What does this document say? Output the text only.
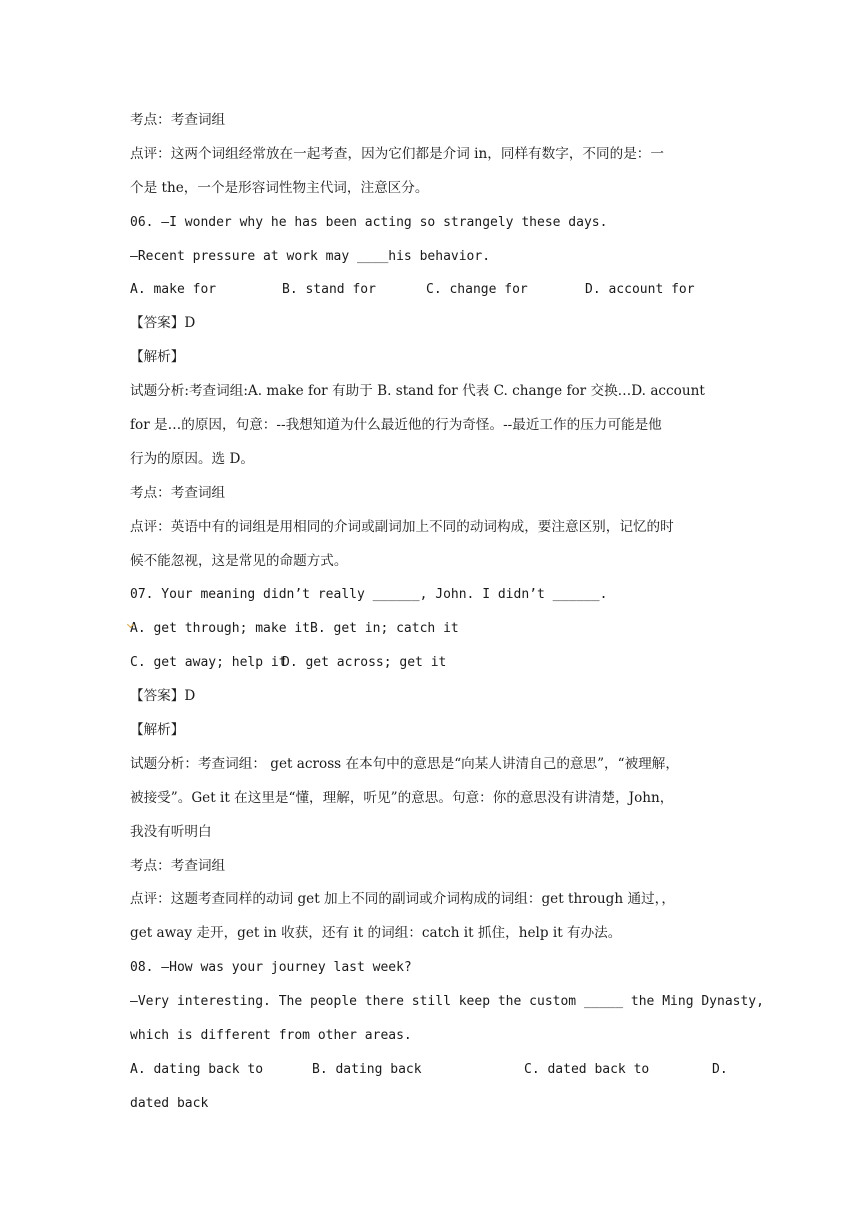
考点：考查词组
点评：这两个词组经常放在一起考查，因为它们都是介词 in，同样有数字，不同的是：一
个是 the，一个是形容词性物主代词，注意区分。
06. —I wonder why he has been acting so strangely these days.
—Recent pressure at work may ____his behavior.
A. make for	B. stand for	C. change for	D. account for
【答案】D
【解析】
试题分析:考查词组:A. make for 有助于 B. stand for 代表 C. change for 交换…D. account
for 是…的原因，句意：--我想知道为什么最近他的行为奇怪。--最近工作的压力可能是他
行为的原因。选 D。
考点：考查词组
点评：英语中有的词组是用相同的介词或副词加上不同的动词构成，要注意区别，记忆的时
候不能忽视，这是常见的命题方式。
07. Your meaning didn’t really ______, John. I didn’t ______.
A. get through; make it B. get in; catch it
C. get away; help it
D. get across; get it
【答案】D
【解析】
试题分析：考查词组： get across 在本句中的意思是“向某人讲清自己的意思”，“被理解，
被接受”。Get it 在这里是“懂，理解，听见”的意思。句意：你的意思没有讲清楚，John，
我没有听明白
考点：考查词组
点评：这题考查同样的动词 get 加上不同的副词或介词构成的词组：get through 通过，，
get away 走开，get in 收获，还有 it 的词组：catch it 抓住，help it 有办法。
08. —How was your journey last week?
—Very interesting. The people there still keep the custom _____ the Ming Dynasty,
which is different from other areas.
A. dating back to	B. dating back	C. dated back to	D.
dated back
